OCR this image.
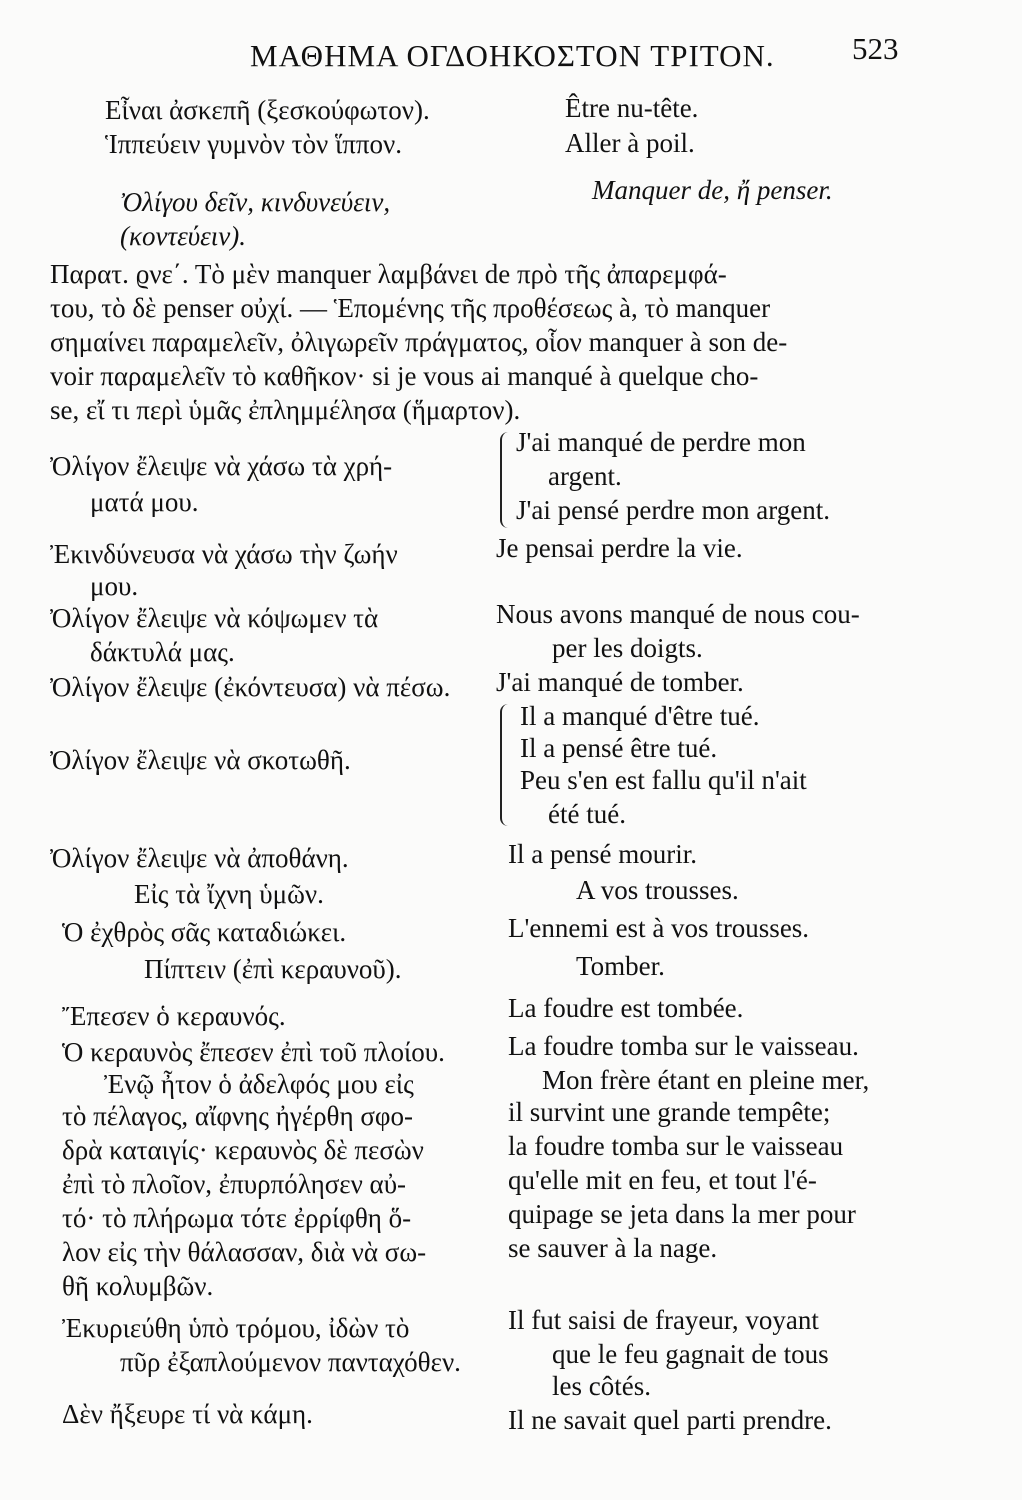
ΜΑΘΗΜΑ ΟΓΔΟΗΚΟΣΤΟΝ ΤΡΙΤΟΝ. 523
Εἶναι ἀσκεπῆ (ξεσκούφωτον).
Ἱππεύειν γυμνὸν τὸν ἵππον.
Ὀλίγου δεῖν, κινδυνεύειν,
(κοντεύειν).
Être nu-tête.
Aller à poil.
Manquer de, ἤ penser.
Παρατ. ϱνε΄. Τὸ μὲν manquer λαμβάνει de πρὸ τῆς ἀπαρεμφά-
του, τὸ δὲ penser οὐχί. — Ἑπομένης τῆς προθέσεως à, τὸ manquer
σημαίνει παραμελεῖν, ὀλιγωρεῖν πράγματος, οἷον manquer à son de-
voir παραμελεῖν τὸ καθῆκον· si je vous ai manqué à quelque cho-
se, εἴ τι περὶ ὑμᾶς ἐπλημμέλησα (ἥμαρτον).
Ὀλίγον ἔλειψε νὰ χάσω τὰ χρή-
ματά μου.
Ἐκινδύνευσα νὰ χάσω τὴν ζωήν
μου.
Ὀλίγον ἔλειψε νὰ κόψωμεν τὰ
δάκτυλά μας.
Ὀλίγον ἔλειψε (ἐκόντευσα) νὰ πέσω.
Ὀλίγον ἔλειψε νὰ σκοτωθῆ.
Ὀλίγον ἔλειψε νὰ ἀποθάνη.
Εἰς τὰ ἴχνη ὑμῶν.
Ὁ ἐχθρὸς σᾶς καταδιώκει.
Πίπτειν (ἐπὶ κεραυνοῦ).
Ἔπεσεν ὁ κεραυνός.
Ὁ κεραυνὸς ἔπεσεν ἐπὶ τοῦ πλοίου.
Ἐνῷ ἦτον ὁ ἀδελφός μου εἰς
τὸ πέλαγος, αἴφνης ἠγέρθη σφο-
δρὰ καταιγίς· κεραυνὸς δὲ πεσὼν
ἐπὶ τὸ πλοῖον, ἐπυρπόλησεν αὐ-
τό· τὸ πλήρωμα τότε ἐρρίφθη ὅ-
λον εἰς τὴν θάλασσαν, διὰ νὰ σω-
θῆ κολυμβῶν.
Ἐκυριεύθη ὑπὸ τρόμου, ἰδὼν τὸ
πῦρ ἐξαπλούμενον πανταχόθεν.
Δὲν ἤξευρε τί νὰ κάμη.
J'ai manqué de perdre mon
argent.
J'ai pensé perdre mon argent.
Je pensai perdre la vie.
Nous avons manqué de nous cou-
per les doigts.
J'ai manqué de tomber.
Il a manqué d'être tué.
Il a pensé être tué.
Peu s'en est fallu qu'il n'ait
été tué.
Il a pensé mourir.
A vos trousses.
L'ennemi est à vos trousses.
Tomber.
La foudre est tombée.
La foudre tomba sur le vaisseau.
Mon frère étant en pleine mer,
il survint une grande tempête;
la foudre tomba sur le vaisseau
qu'elle mit en feu, et tout l'é-
quipage se jeta dans la mer pour
se sauver à la nage.
Il fut saisi de frayeur, voyant
que le feu gagnait de tous
les côtés.
Il ne savait quel parti prendre.
